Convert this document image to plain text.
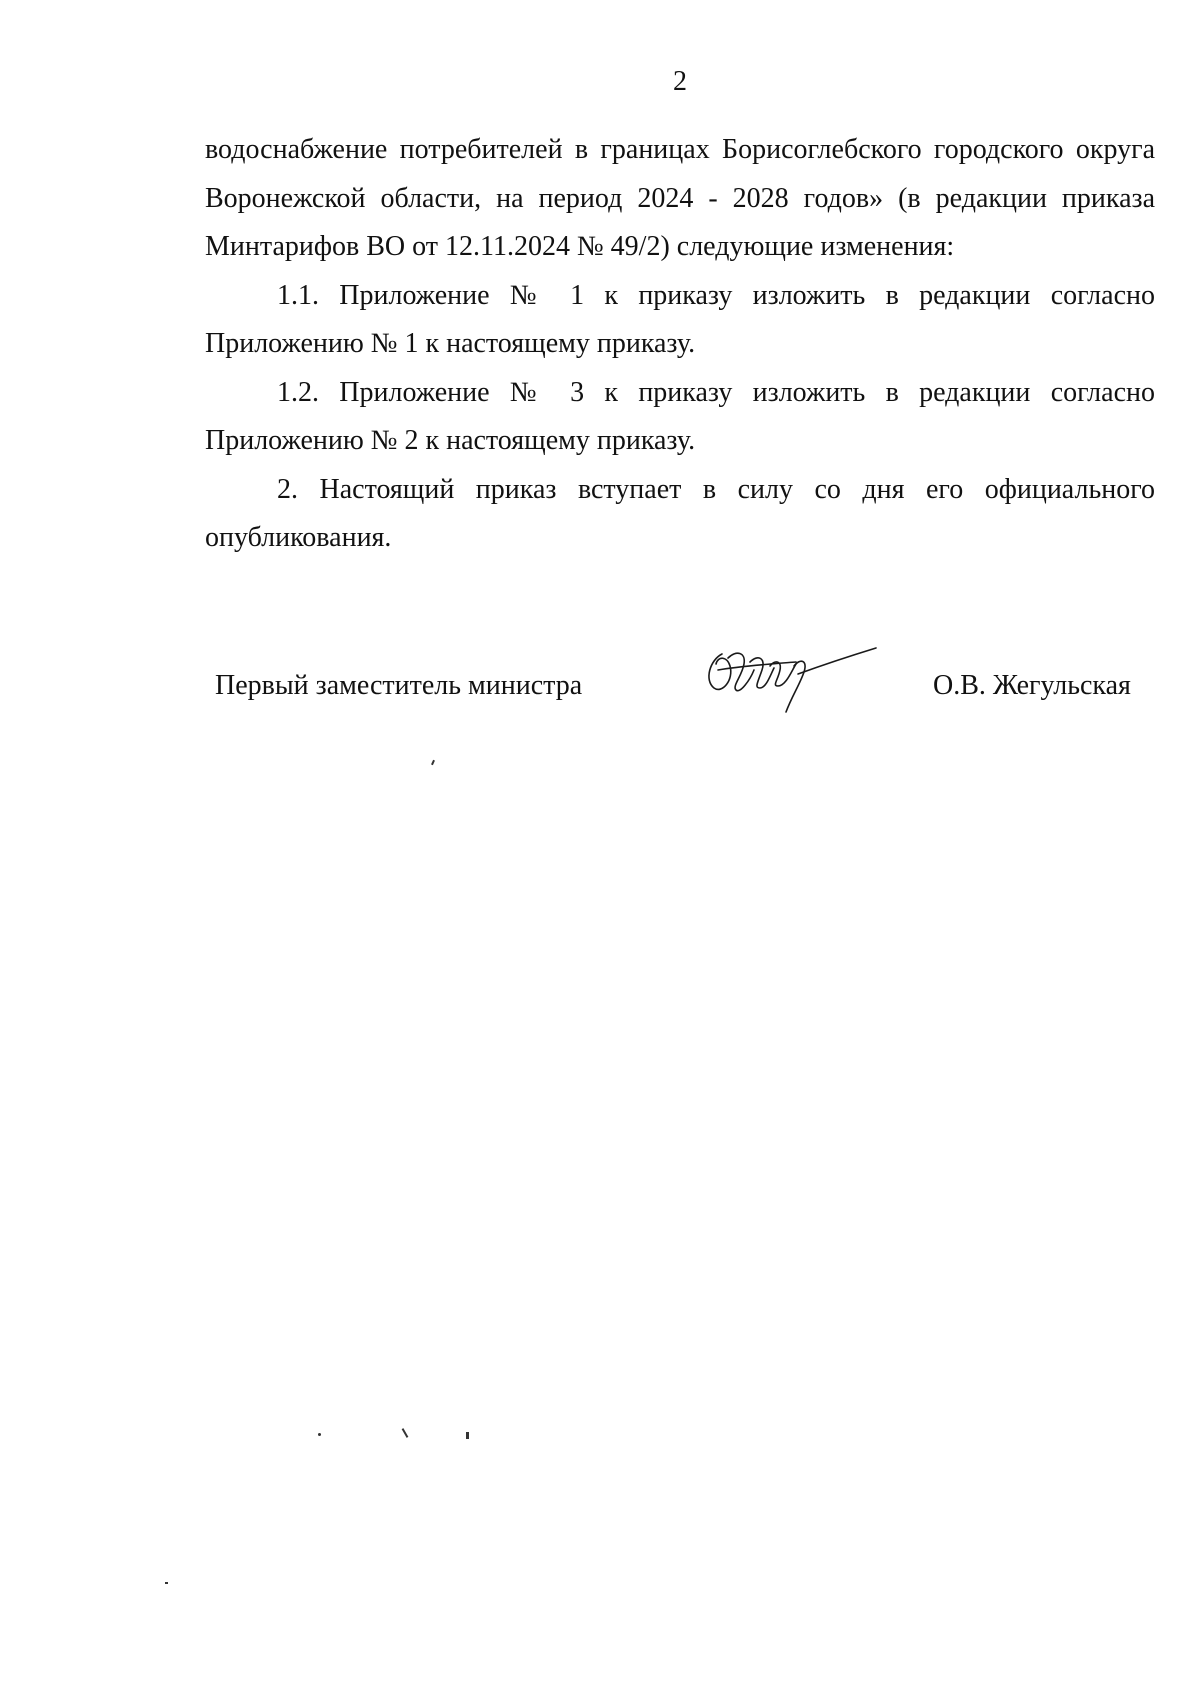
2

водоснабжение потребителей в границах Борисоглебского городского округа Воронежской области, на период 2024 - 2028 годов» (в редакции приказа Минтарифов ВО от 12.11.2024 № 49/2) следующие изменения:

1.1. Приложение № 1 к приказу изложить в редакции согласно Приложению № 1 к настоящему приказу.

1.2. Приложение № 3 к приказу изложить в редакции согласно Приложению № 2 к настоящему приказу.

2. Настоящий приказ вступает в силу со дня его официального опубликования.

Первый заместитель министра	О.В. Жегульская
